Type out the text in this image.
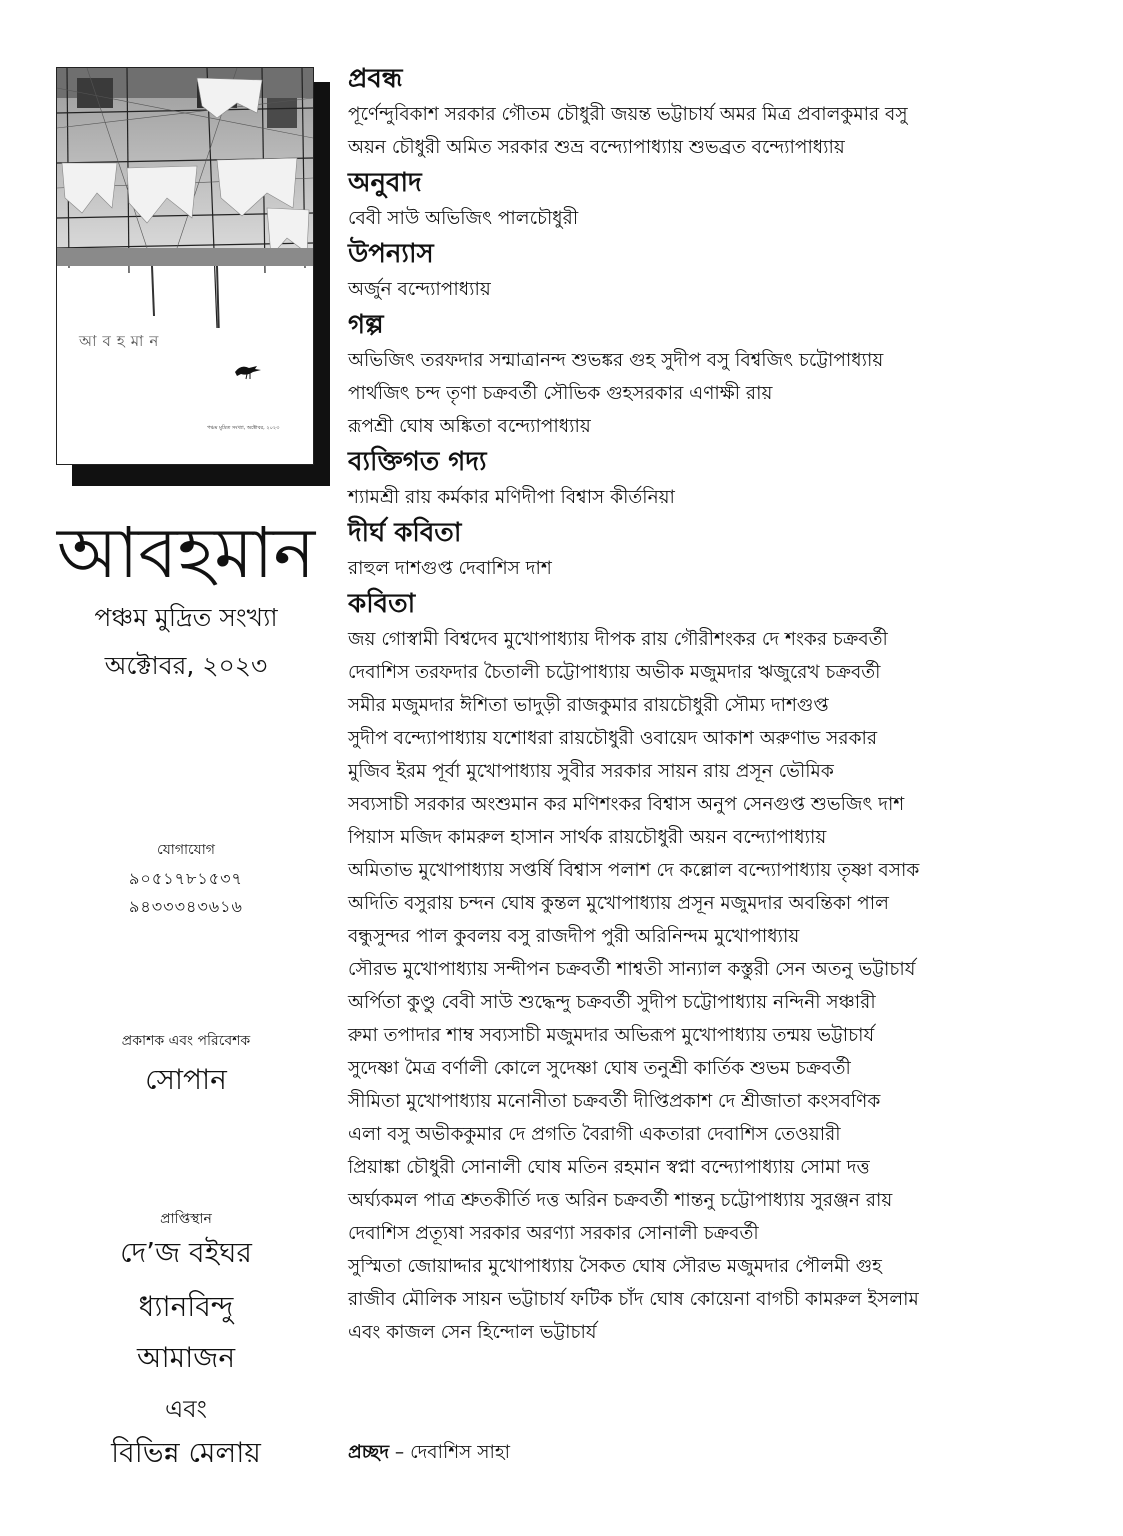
আবহমান
পঞ্চম মুদ্রিত সংখ্যা, অক্টোবর, ২০২৩
আবহমান
পঞ্চম মুদ্রিত সংখ্যা
অক্টোবর, ২০২৩
যোগাযোগ
৯০৫১৭৮১৫৩৭
৯৪৩৩৩৪৩৬১৬
প্রকাশক এবং পরিবেশক
সোপান
প্রাপ্তিস্থান
দে’জ বইঘর
ধ্যানবিন্দু
আমাজন
এবং
বিভিন্ন মেলায়
প্রবন্ধ
পূর্ণেন্দুবিকাশ সরকার গৌতম চৌধুরী জয়ন্ত ভট্টাচার্য অমর মিত্র প্রবালকুমার বসু
অয়ন চৌধুরী অমিত সরকার শুভ্র বন্দ্যোপাধ্যায় শুভব্রত বন্দ্যোপাধ্যায়
অনুবাদ
বেবী সাউ অভিজিৎ পালচৌধুরী
উপন্যাস
অর্জুন বন্দ্যোপাধ্যায়
গল্প
অভিজিৎ তরফদার সন্মাত্রানন্দ শুভঙ্কর গুহ সুদীপ বসু বিশ্বজিৎ চট্টোপাধ্যায়
পার্থজিৎ চন্দ তৃণা চক্রবর্তী সৌভিক গুহসরকার এণাক্ষী রায়
রূপশ্রী ঘোষ অঙ্কিতা বন্দ্যোপাধ্যায়
ব্যক্তিগত গদ্য
শ্যামশ্রী রায় কর্মকার মণিদীপা বিশ্বাস কীর্তনিয়া
দীর্ঘ কবিতা
রাহুল দাশগুপ্ত দেবাশিস দাশ
কবিতা
জয় গোস্বামী বিশ্বদেব মুখোপাধ্যায় দীপক রায় গৌরীশংকর দে শংকর চক্রবর্তী
দেবাশিস তরফদার চৈতালী চট্টোপাধ্যায় অভীক মজুমদার ঋজুরেখ চক্রবর্তী
সমীর মজুমদার ঈশিতা ভাদুড়ী রাজকুমার রায়চৌধুরী সৌম্য দাশগুপ্ত
সুদীপ বন্দ্যোপাধ্যায় যশোধরা রায়চৌধুরী ওবায়েদ আকাশ অরুণাভ সরকার
মুজিব ইরম পূর্বা মুখোপাধ্যায় সুবীর সরকার সায়ন রায় প্রসূন ভৌমিক
সব্যসাচী সরকার অংশুমান কর মণিশংকর বিশ্বাস অনুপ সেনগুপ্ত শুভজিৎ দাশ
পিয়াস মজিদ কামরুল হাসান সার্থক রায়চৌধুরী অয়ন বন্দ্যোপাধ্যায়
অমিতাভ মুখোপাধ্যায় সপ্তর্ষি বিশ্বাস পলাশ দে কল্লোল বন্দ্যোপাধ্যায় তৃষ্ণা বসাক
অদিতি বসুরায় চন্দন ঘোষ কুন্তল মুখোপাধ্যায় প্রসূন মজুমদার অবন্তিকা পাল
বন্ধুসুন্দর পাল কুবলয় বসু রাজদীপ পুরী অরিনিন্দম মুখোপাধ্যায়
সৌরভ মুখোপাধ্যায় সন্দীপন চক্রবর্তী শাশ্বতী সান্যাল কস্তুরী সেন অতনু ভট্টাচার্য
অর্পিতা কুণ্ডু বেবী সাউ শুদ্ধেন্দু চক্রবর্তী সুদীপ চট্টোপাধ্যায় নন্দিনী সঞ্চারী
রুমা তপাদার শাম্ব সব্যসাচী মজুমদার অভিরূপ মুখোপাধ্যায় তন্ময় ভট্টাচার্য
সুদেষ্ণা মৈত্র বর্ণালী কোলে সুদেষ্ণা ঘোষ তনুশ্রী কার্তিক শুভম চক্রবর্তী
সীমিতা মুখোপাধ্যায় মনোনীতা চক্রবর্তী দীপ্তিপ্রকাশ দে শ্রীজাতা কংসবণিক
এলা বসু অভীককুমার দে প্রগতি বৈরাগী একতারা দেবাশিস তেওয়ারী
প্রিয়াঙ্কা চৌধুরী সোনালী ঘোষ মতিন রহমান স্বপ্না বন্দ্যোপাধ্যায় সোমা দত্ত
অর্ঘ্যকমল পাত্র শ্রুতকীর্তি দত্ত অরিন চক্রবর্তী শান্তনু চট্টোপাধ্যায় সুরঞ্জন রায়
দেবাশিস প্রত্যূষা সরকার অরণ্যা সরকার সোনালী চক্রবর্তী
সুস্মিতা জোয়াদ্দার মুখোপাধ্যায় সৈকত ঘোষ সৌরভ মজুমদার পৌলমী গুহ
রাজীব মৌলিক সায়ন ভট্টাচার্য ফটিক চাঁদ ঘোষ কোয়েনা বাগচী কামরুল ইসলাম
এবং কাজল সেন হিন্দোল ভট্টাচার্য
প্রচ্ছদ – দেবাশিস সাহা
